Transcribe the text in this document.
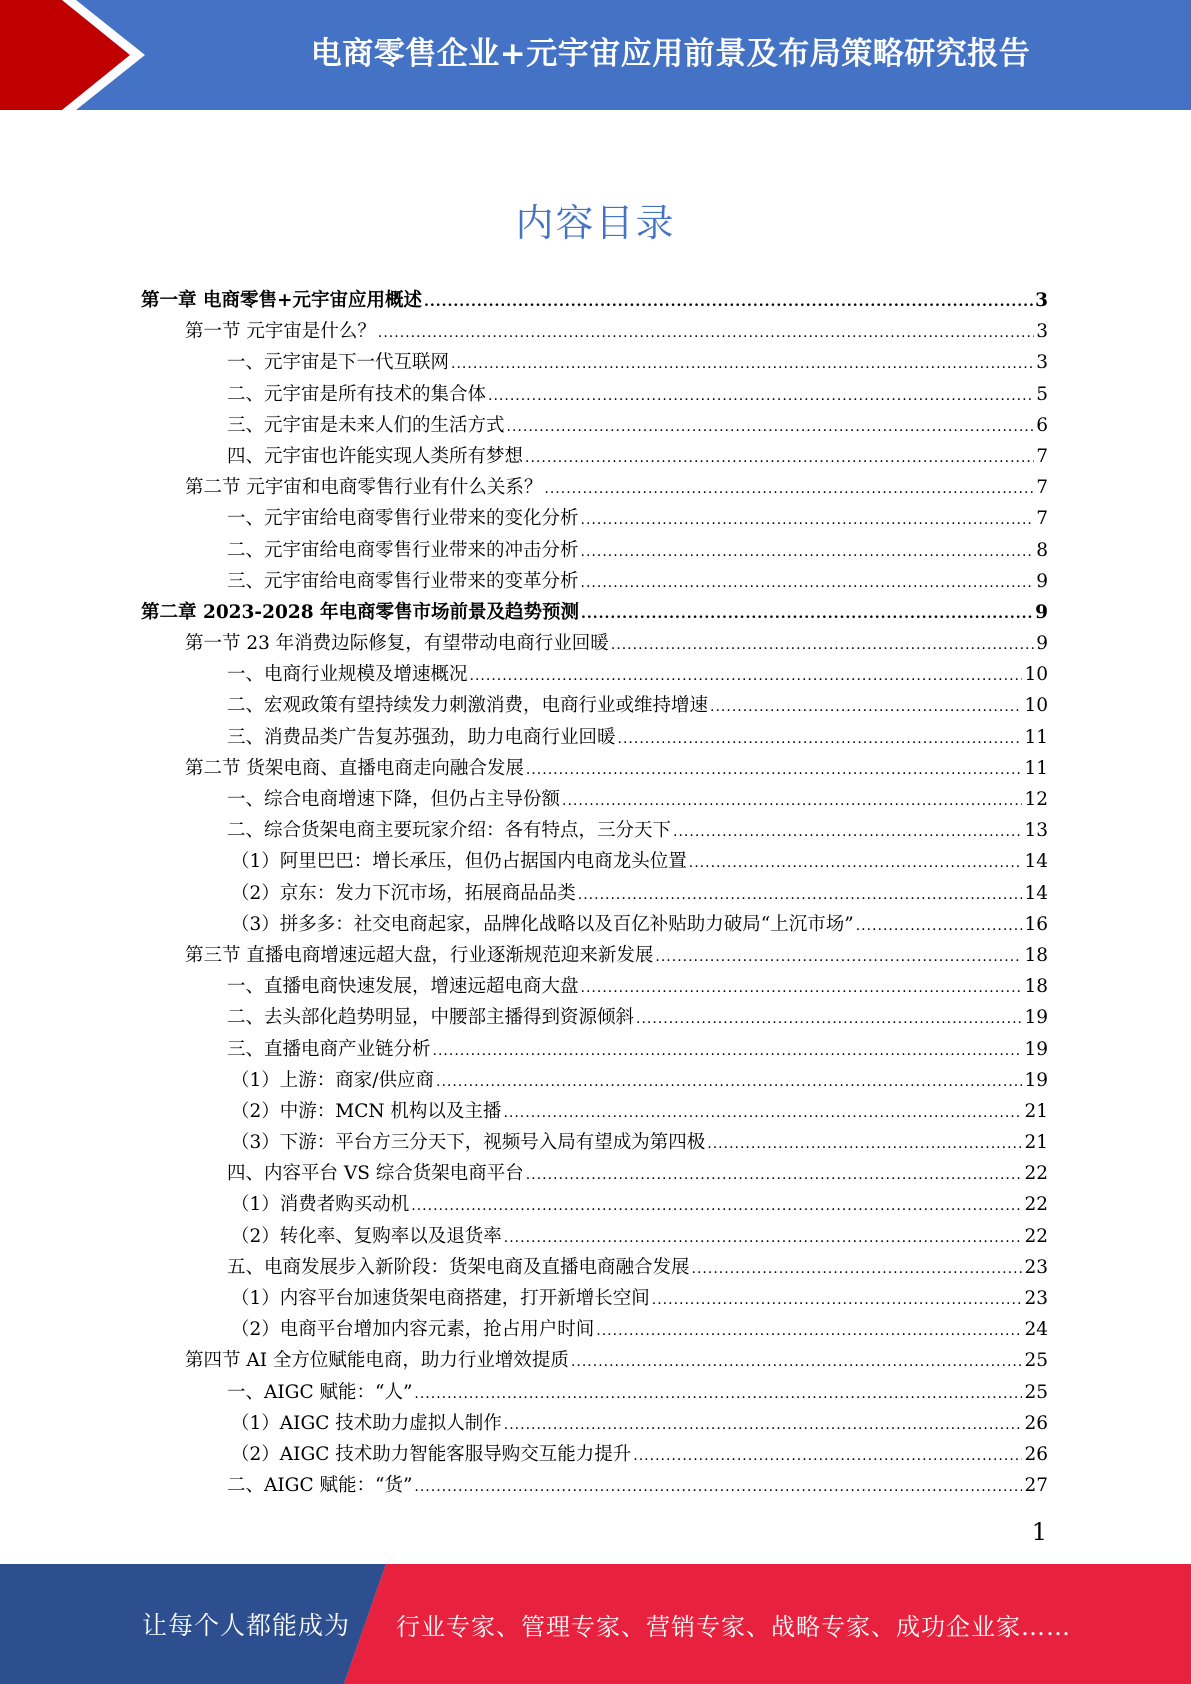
电商零售企业+元宇宙应用前景及布局策略研究报告
内容目录
第一章 电商零售+元宇宙应用概述 .....	3
第一节 元宇宙是什么？ .....	3
一、元宇宙是下一代互联网 .....	3
二、元宇宙是所有技术的集合体 .....	5
三、元宇宙是未来人们的生活方式 .....	6
四、元宇宙也许能实现人类所有梦想 .....	7
第二节 元宇宙和电商零售行业有什么关系？ .....	7
一、元宇宙给电商零售行业带来的变化分析 .....	7
二、元宇宙给电商零售行业带来的冲击分析 .....	8
三、元宇宙给电商零售行业带来的变革分析 .....	9
第二章 2023-2028 年电商零售市场前景及趋势预测 .....	9
第一节 23 年消费边际修复，有望带动电商行业回暖 .....	9
一、电商行业规模及增速概况 .....	10
二、宏观政策有望持续发力刺激消费，电商行业或维持增速 .....	10
三、消费品类广告复苏强劲，助力电商行业回暖 .....	11
第二节 货架电商、直播电商走向融合发展 .....	11
一、综合电商增速下降，但仍占主导份额 .....	12
二、综合货架电商主要玩家介绍：各有特点，三分天下 .....	13
（1）阿里巴巴：增长承压，但仍占据国内电商龙头位置 .....	14
（2）京东：发力下沉市场，拓展商品品类 .....	14
（3）拼多多：社交电商起家，品牌化战略以及百亿补贴助力破局“上沉市场” .....	16
第三节 直播电商增速远超大盘，行业逐渐规范迎来新发展 .....	18
一、直播电商快速发展，增速远超电商大盘 .....	18
二、去头部化趋势明显，中腰部主播得到资源倾斜 .....	19
三、直播电商产业链分析 .....	19
（1）上游：商家/供应商 .....	19
（2）中游：MCN 机构以及主播 .....	21
（3）下游：平台方三分天下，视频号入局有望成为第四极 .....	21
四、内容平台 VS 综合货架电商平台 .....	22
（1）消费者购买动机 .....	22
（2）转化率、复购率以及退货率 .....	22
五、电商发展步入新阶段：货架电商及直播电商融合发展 .....	23
（1）内容平台加速货架电商搭建，打开新增长空间 .....	23
（2）电商平台增加内容元素，抢占用户时间 .....	24
第四节 AI 全方位赋能电商，助力行业增效提质 .....	25
一、AIGC 赋能：“人” .....	25
（1）AIGC 技术助力虚拟人制作 .....	26
（2）AIGC 技术助力智能客服导购交互能力提升 .....	26
二、AIGC 赋能：“货” .....	27
1
让每个人都能成为 行业专家、管理专家、营销专家、战略专家、成功企业家……
